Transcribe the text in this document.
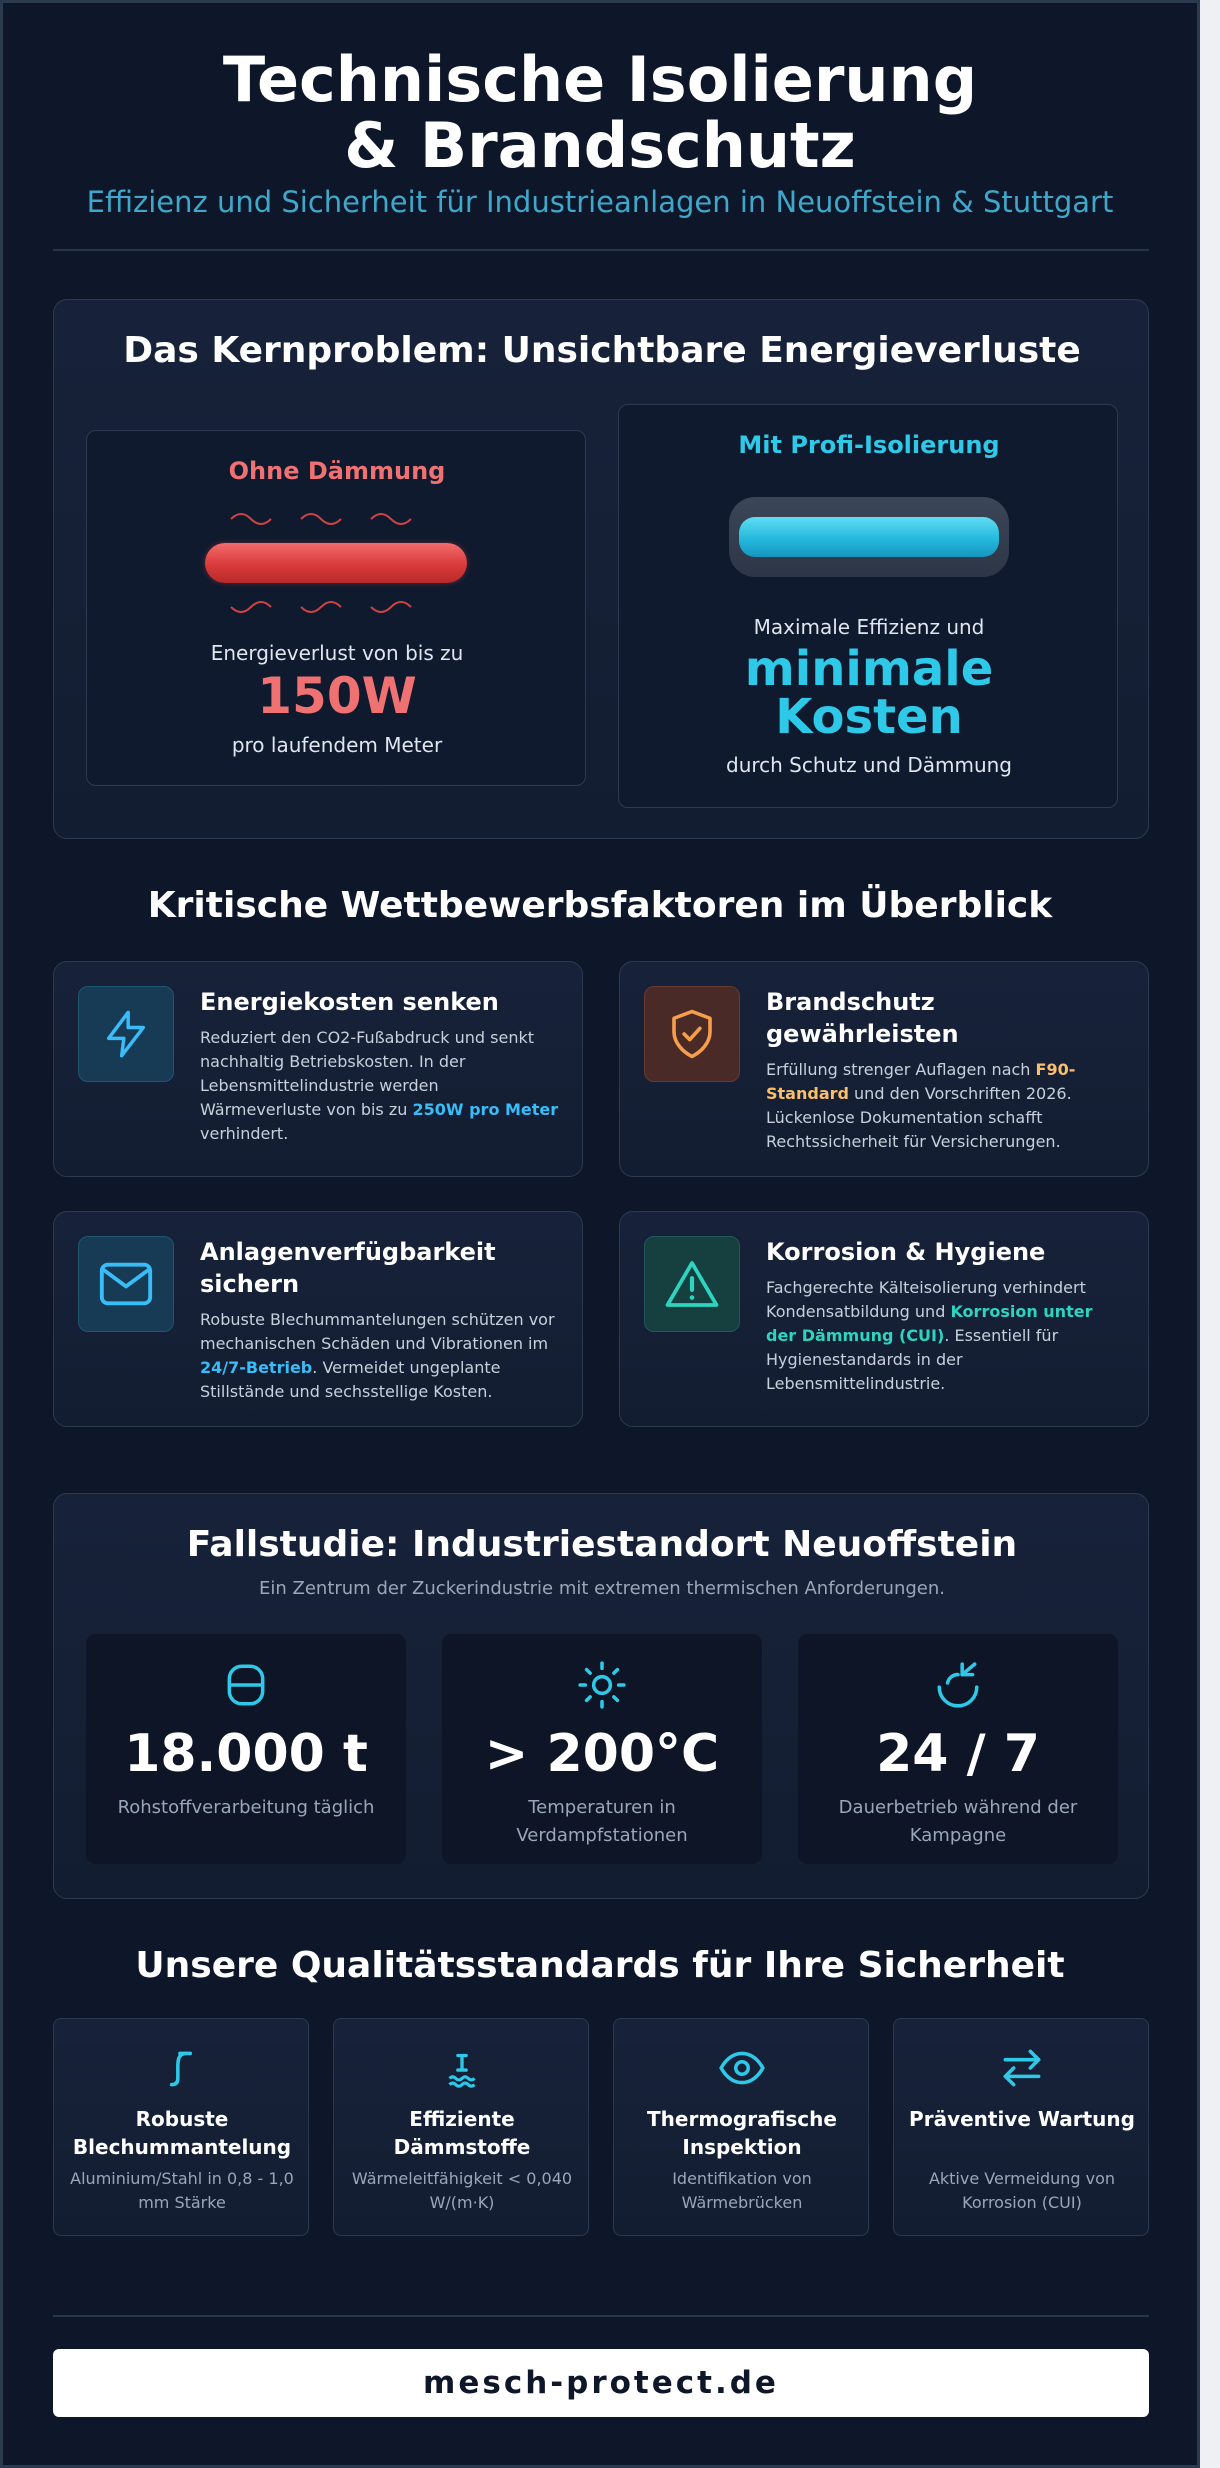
Technische Isolierung & Brandschutz
Effizienz und Sicherheit für Industrieanlagen in Neuoffstein & Stuttgart
Das Kernproblem: Unsichtbare Energieverluste
Ohne Dämmung
Energieverlust von bis zu
150W
pro laufendem Meter
Mit Profi-Isolierung
Maximale Effizienz und
minimale
Kosten
durch Schutz und Dämmung
Kritische Wettbewerbsfaktoren im Überblick
Energiekosten senken
Reduziert den CO2-Fußabdruck und senkt nachhaltig Betriebskosten. In der Lebensmittelindustrie werden Wärmeverluste von bis zu 250W pro Meter verhindert.
Brandschutz gewährleisten
Erfüllung strenger Auflagen nach F90-Standard und den Vorschriften 2026. Lückenlose Dokumentation schafft Rechtssicherheit für Versicherungen.
Anlagenverfügbarkeit sichern
Robuste Blechummantelungen schützen vor mechanischen Schäden und Vibrationen im 24/7-Betrieb. Vermeidet ungeplante Stillstände und sechsstellige Kosten.
Korrosion & Hygiene
Fachgerechte Kälteisolierung verhindert Kondensatbildung und Korrosion unter der Dämmung (CUI). Essentiell für Hygienestandards in der Lebensmittelindustrie.
Fallstudie: Industriestandort Neuoffstein
Ein Zentrum der Zuckerindustrie mit extremen thermischen Anforderungen.
18.000 t
Rohstoffverarbeitung täglich
> 200°C
Temperaturen in Verdampfstationen
24 / 7
Dauerbetrieb während der Kampagne
Unsere Qualitätsstandards für Ihre Sicherheit
Robuste Blechummantelung
Aluminium/Stahl in 0,8 - 1,0 mm Stärke
Effiziente Dämmstoffe
Wärmeleitfähigkeit < 0,040 W/(m·K)
Thermografische Inspektion
Identifikation von Wärmebrücken
Präventive Wartung
Aktive Vermeidung von Korrosion (CUI)
mesch-protect.de
